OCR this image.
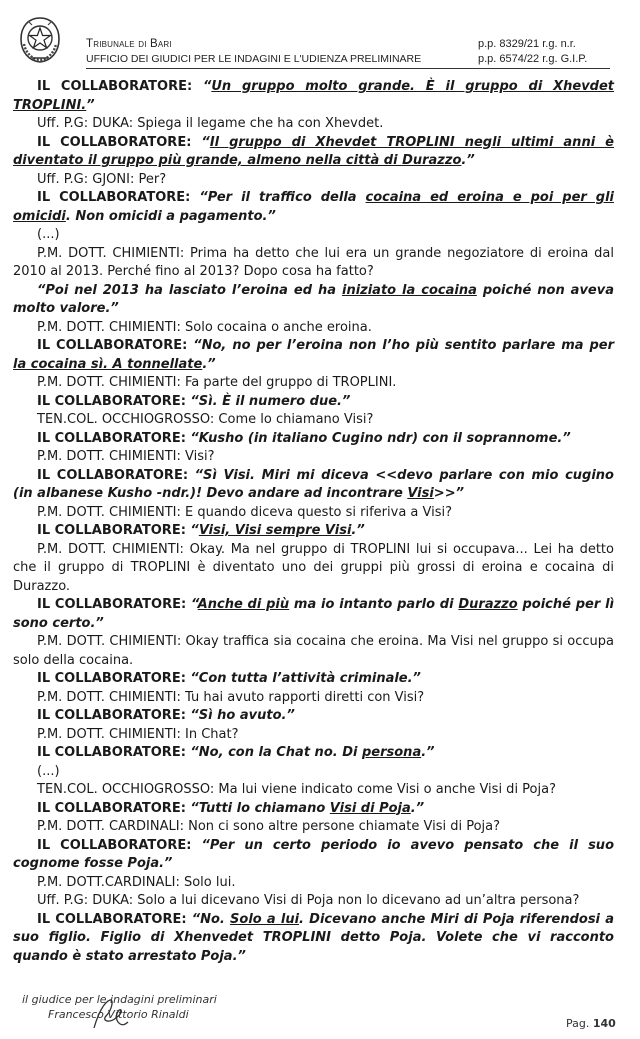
Tribunale di Bari
UFFICIO DEI GIUDICI PER LE INDAGINI E L'UDIENZA PRELIMINARE
p.p. 8329/21 r.g. n.r.
p.p. 6574/22 r.g. G.I.P.

IL COLLABORATORE: “Un gruppo molto grande. È il gruppo di Xhevdet TROPLINI.”

Uff. P.G: DUKA: Spiega il legame che ha con Xhevdet.

IL COLLABORATORE: “Il gruppo di Xhevdet TROPLINI negli ultimi anni è diventato il gruppo più grande, almeno nella città di Durazzo.”

Uff. P.G: GJONI: Per?

IL COLLABORATORE: “Per il traffico della cocaina ed eroina e poi per gli omicidi. Non omicidi a pagamento.”

(...)

P.M. DOTT. CHIMIENTI: Prima ha detto che lui era un grande negoziatore di eroina dal 2010 al 2013. Perché fino al 2013? Dopo cosa ha fatto?

“Poi nel 2013 ha lasciato l’eroina ed ha iniziato la cocaina poiché non aveva molto valore.”

P.M. DOTT. CHIMIENTI: Solo cocaina o anche eroina.

IL COLLABORATORE: “No, no per l’eroina non l’ho più sentito parlare ma per la cocaina sì. A tonnellate.”

P.M. DOTT. CHIMIENTI: Fa parte del gruppo di TROPLINI.

IL COLLABORATORE: “Sì. È il numero due.”

TEN.COL. OCCHIOGROSSO: Come lo chiamano Visi?

IL COLLABORATORE: “Kusho (in italiano Cugino ndr) con il soprannome.”

P.M. DOTT. CHIMIENTI: Visi?

IL COLLABORATORE: “Sì Visi. Miri mi diceva <<devo parlare con mio cugino (in albanese Kusho -ndr.)! Devo andare ad incontrare Visi>>”

P.M. DOTT. CHIMIENTI: E quando diceva questo si riferiva a Visi?

IL COLLABORATORE: “Visi, Visi sempre Visi.”

P.M. DOTT. CHIMIENTI: Okay. Ma nel gruppo di TROPLINI lui si occupava... Lei ha detto che il gruppo di TROPLINI è diventato uno dei gruppi più grossi di eroina e cocaina di Durazzo.

IL COLLABORATORE: “Anche di più ma io intanto parlo di Durazzo poiché per lì sono certo.”

P.M. DOTT. CHIMIENTI: Okay traffica sia cocaina che eroina. Ma Visi nel gruppo si occupa solo della cocaina.

IL COLLABORATORE: “Con tutta l’attività criminale.”

P.M. DOTT. CHIMIENTI: Tu hai avuto rapporti diretti con Visi?

IL COLLABORATORE: “Sì ho avuto.”

P.M. DOTT. CHIMIENTI: In Chat?

IL COLLABORATORE: “No, con la Chat no. Di persona.”

(...)

TEN.COL. OCCHIOGROSSO: Ma lui viene indicato come Visi o anche Visi di Poja?

IL COLLABORATORE: “Tutti lo chiamano Visi di Poja.”

P.M. DOTT. CARDINALI: Non ci sono altre persone chiamate Visi di Poja?

IL COLLABORATORE: “Per un certo periodo io avevo pensato che il suo cognome fosse Poja.”

P.M. DOTT.CARDINALI: Solo lui.

Uff. P.G: DUKA: Solo a lui dicevano Visi di Poja non lo dicevano ad un’altra persona?

IL COLLABORATORE: “No. Solo a lui. Dicevano anche Miri di Poja riferendosi a suo figlio. Figlio di Xhenvedet TROPLINI detto Poja. Volete che vi racconto quando è stato arrestato Poja.”

il giudice per le indagini preliminari
Francesco Vittorio Rinaldi
Pag. 140
